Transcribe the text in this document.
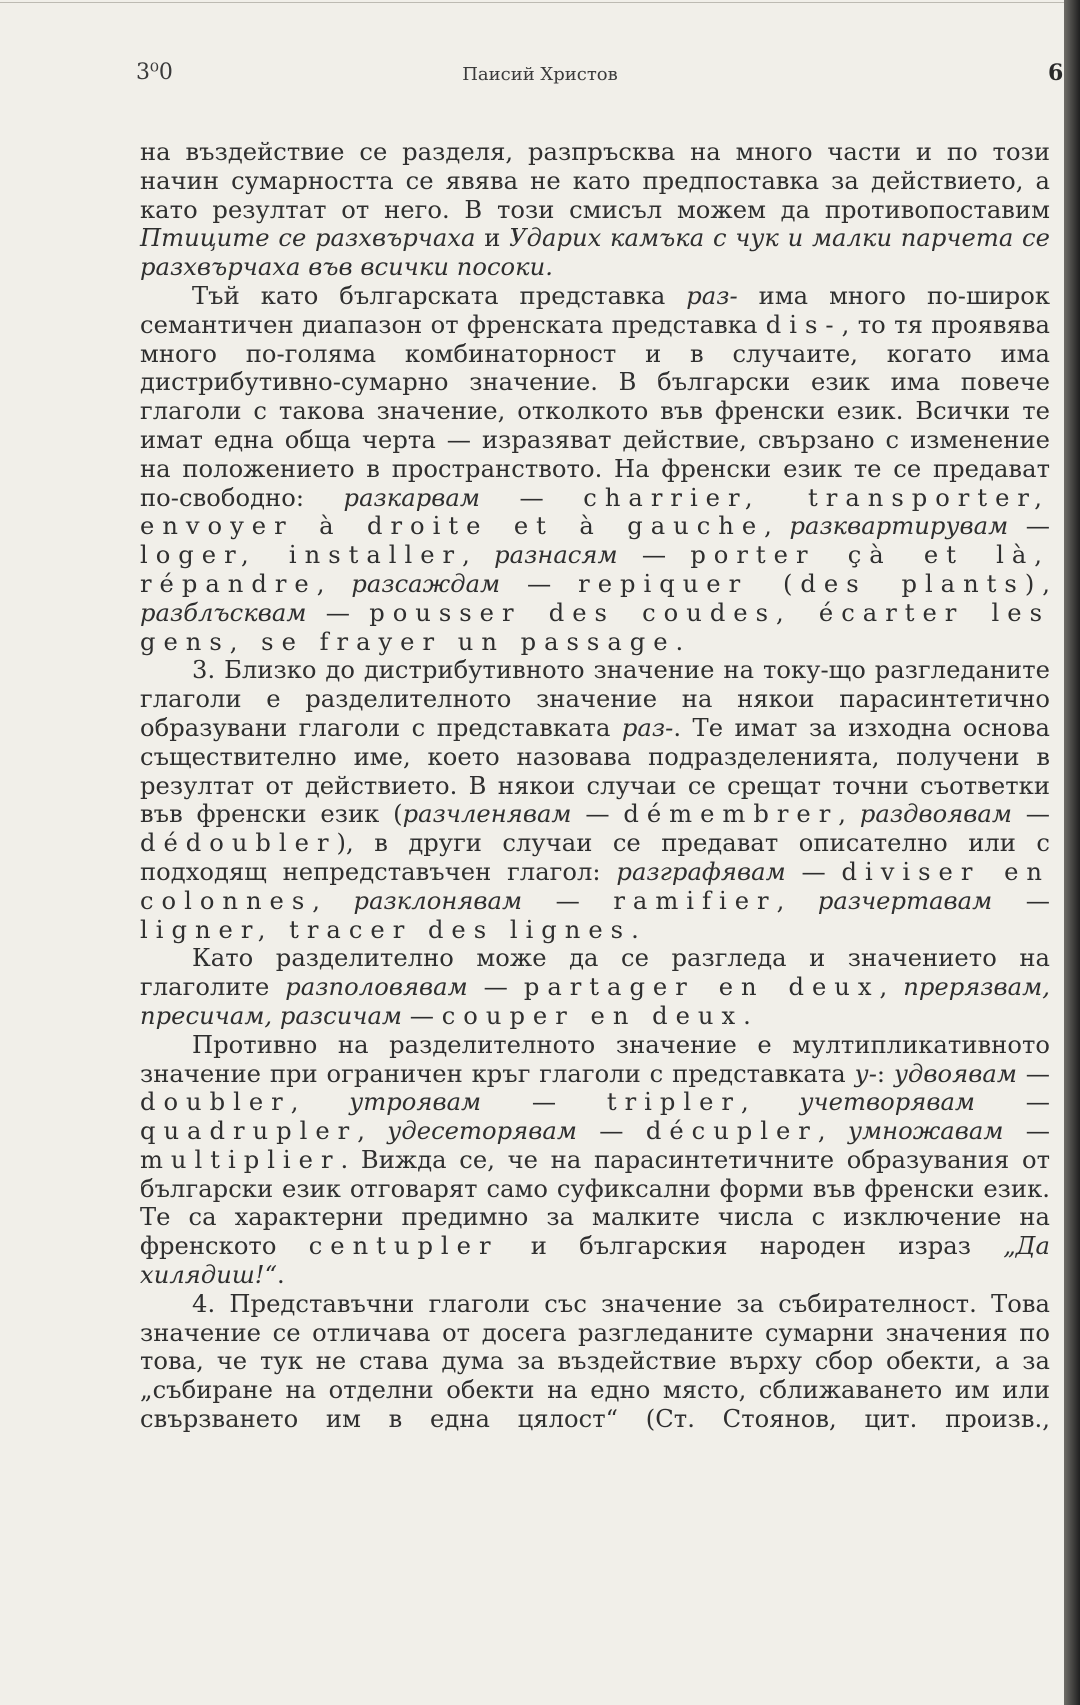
3⁰0	Паисий Христов	6

на въздействие се разделя, разпръсква на много части и по този начин сумарността се явява не като предпоставка за действието, а като резултат от него. В този смисъл можем да противопоставим Птиците се разхвърчаха и Ударих камъка с чук и малки парчета се разхвърчаха във всички посоки.

Тъй като българската представка раз- има много по-широк семантичен диапазон от френската представка dis-, то тя проявява много по-голяма комбинаторност и в случаите, когато има дистрибутивно-сумарно значение. В български език има повече глаголи с такова значение, отколкото във френски език. Всички те имат една обща черта — изразяват действие, свързано с изменение на положението в пространството. На френски език те се предават по-свободно: разкарвам — charrier, transporter, envoyer à droite et à gauche, разквартирувам — loger, installer, разнасям — porter çà et là, répandre, разсаждам — repiquer (des plants), разблъсквам — pousser des coudes, écarter les gens, se frayer un passage.

3. Близко до дистрибутивното значение на току-що разгледаните глаголи е разделителното значение на някои парасинтетично образувани глаголи с представката раз-. Те имат за изходна основа съществително име, което назовава подразделенията, получени в резултат от действието. В някои случаи се срещат точни съответки във френски език (разчленявам — démembrer, раздвоявам — dédoubler), в други случаи се предават описателно или с подходящ непредставъчен глагол: разграфявам — diviser en colonnes, разклонявам — ramifier, разчертавам — ligner, tracer des lignes.

Като разделително може да се разгледа и значението на глаголите разполовявам — partager en deux, прерязвам, пресичам, разсичам — couper en deux.

Противно на разделителното значение е мултипликативното значение при ограничен кръг глаголи с представката у-: удвоявам — doubler, утроявам — tripler, учетворявам — quadrupler, удесеторявам — décupler, умножавам — multiplier. Вижда се, че на парасинтетичните образувания от български език отговарят само суфиксални форми във френски език. Те са характерни предимно за малките числа с изключение на френското centupler и българския народен израз „Да хилядиш!“.

4. Представъчни глаголи със значение за събирателност. Това значение се отличава от досега разгледаните сумарни значения по това, че тук не става дума за въздействие върху сбор обекти, а за „събиране на отделни обекти на едно място, сближаването им или свързването им в една цялост“ (Ст. Стоянов, цит. произв.,
